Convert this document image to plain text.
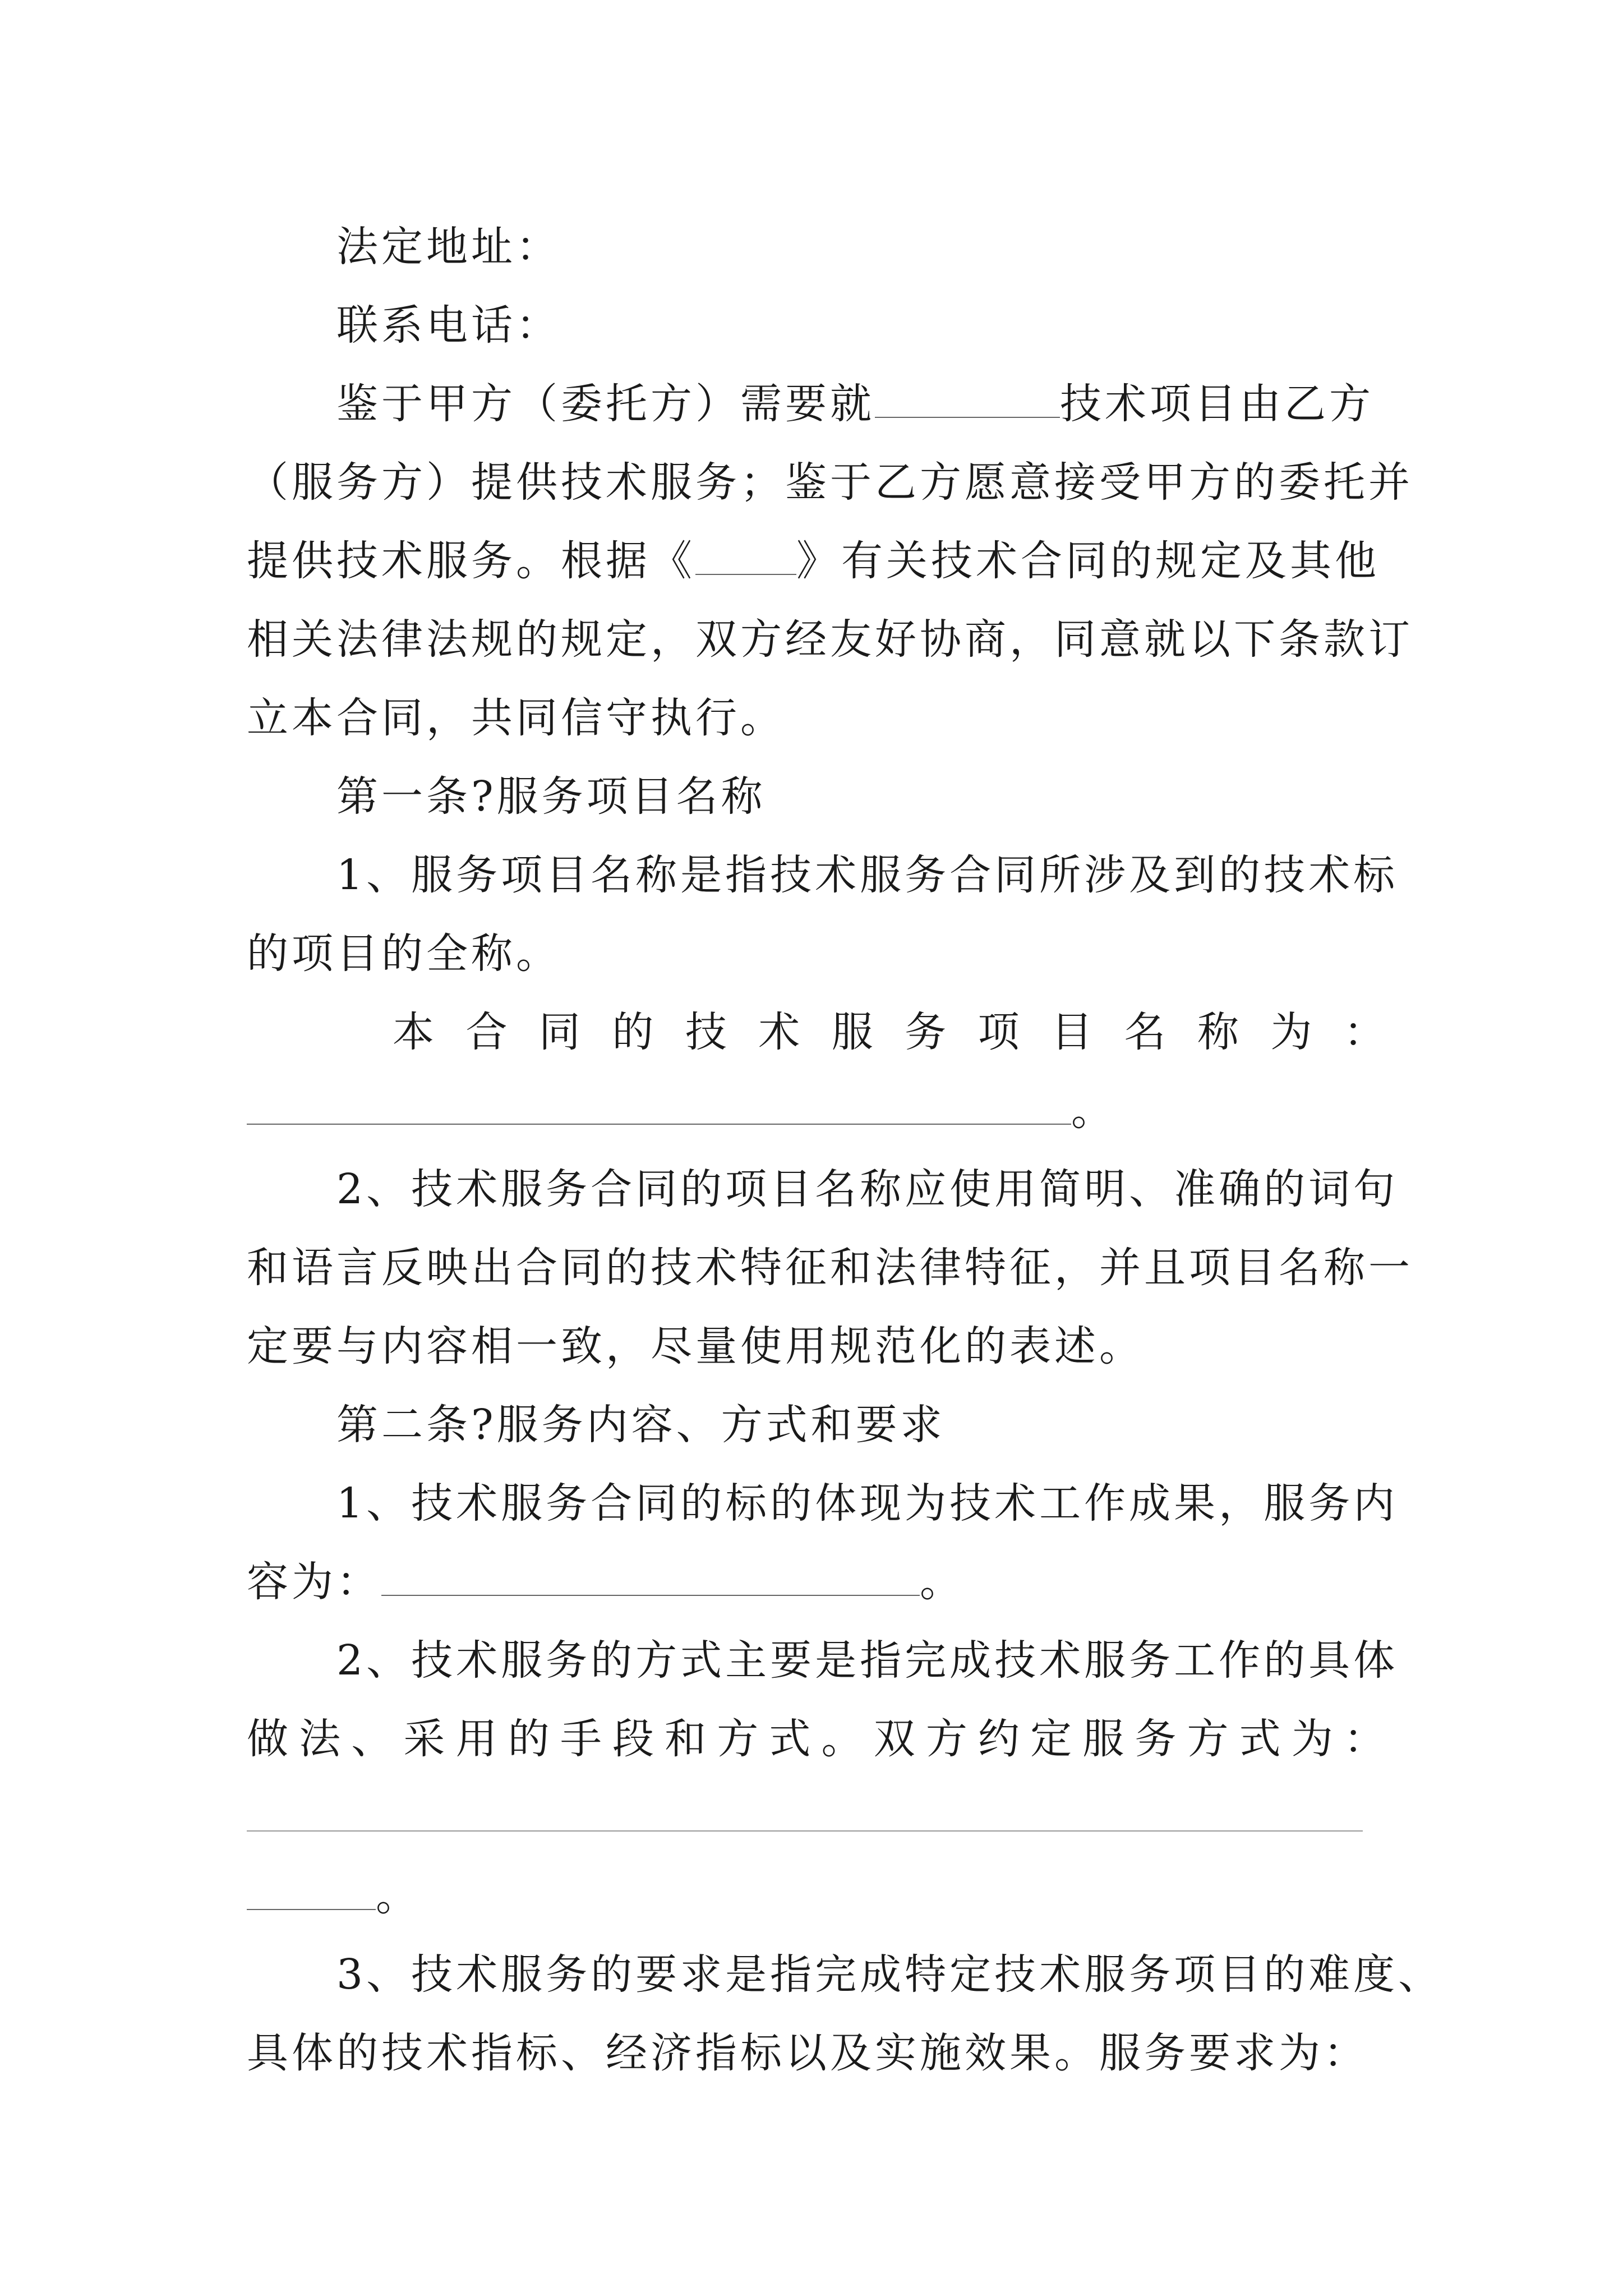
法定地址：
联系电话：
鉴于甲方（委托方）需要就	技术项目由乙方
（服务方）提供技术服务；鉴于乙方愿意接受甲方的委托并
提供技术服务。根据《 》有关技术合同的规定及其他
相关法律法规的规定，双方经友好协商，同意就以下条款订
立本合同，共同信守执行。
第一条?服务项目名称
1、服务项目名称是指技术服务合同所涉及到的技术标
的项目的全称。
本 合 同 的 技 术 服 务 项 目 名 称 为 ：
。
2、技术服务合同的项目名称应使用简明、准确的词句
和语言反映出合同的技术特征和法律特征，并且项目名称一
定要与内容相一致，尽量使用规范化的表述。
第二条?服务内容、方式和要求
1、技术服务合同的标的体现为技术工作成果，服务内
容为：	。
2、技术服务的方式主要是指完成技术服务工作的具体
做 法 、 采 用 的 手 段 和 方 式 。 双 方 约 定 服 务 方 式 为 ：
。
3、技术服务的要求是指完成特定技术服务项目的难度、
具体的技术指标、经济指标以及实施效果。服务要求为：
